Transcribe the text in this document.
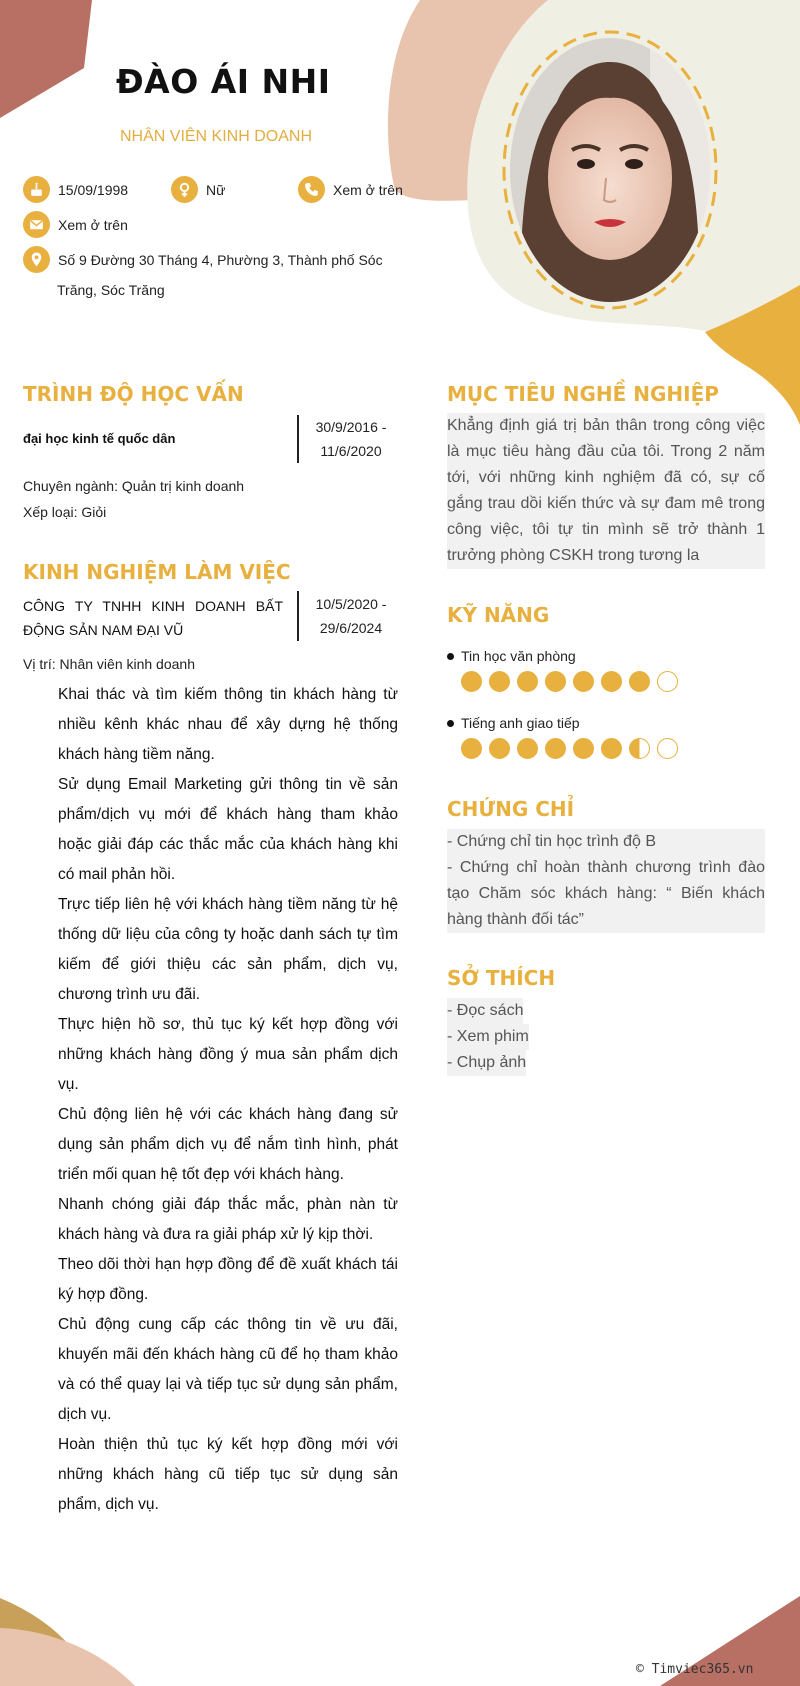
ĐÀO ÁI NHI
NHÂN VIÊN KINH DOANH
15/09/1998	Nữ	Xem ở trên
Xem ở trên
Số 9 Đường 30 Tháng 4, Phường 3, Thành phố Sóc
Trăng, Sóc Trăng
TRÌNH ĐỘ HỌC VẤN
đại học kinh tế quốc dân
30/9/2016 -
11/6/2020
Chuyên ngành: Quản trị kinh doanh
Xếp loại: Giỏi
KINH NGHIỆM LÀM VIỆC
CÔNG TY TNHH KINH DOANH BẤT
ĐỘNG SẢN NAM ĐẠI VŨ
10/5/2020 -
29/6/2024
Vị trí: Nhân viên kinh doanh

Khai thác và tìm kiếm thông tin khách hàng từ nhiều kênh khác nhau để xây dựng hệ thống khách hàng tiềm năng.

Sử dụng Email Marketing gửi thông tin về sản phẩm/dịch vụ mới để khách hàng tham khảo hoặc giải đáp các thắc mắc của khách hàng khi có mail phản hồi.

Trực tiếp liên hệ với khách hàng tiềm năng từ hệ thống dữ liệu của công ty hoặc danh sách tự tìm kiếm để giới thiệu các sản phẩm, dịch vụ, chương trình ưu đãi.

Thực hiện hồ sơ, thủ tục ký kết hợp đồng với những khách hàng đồng ý mua sản phẩm dịch vụ.

Chủ động liên hệ với các khách hàng đang sử dụng sản phẩm dịch vụ để nắm tình hình, phát triển mối quan hệ tốt đẹp với khách hàng.

Nhanh chóng giải đáp thắc mắc, phàn nàn từ khách hàng và đưa ra giải pháp xử lý kịp thời.

Theo dõi thời hạn hợp đồng để đề xuất khách tái ký hợp đồng.

Chủ động cung cấp các thông tin về ưu đãi, khuyến mãi đến khách hàng cũ để họ tham khảo và có thể quay lại và tiếp tục sử dụng sản phẩm, dịch vụ.

Hoàn thiện thủ tục ký kết hợp đồng mới với những khách hàng cũ tiếp tục sử dụng sản phẩm, dịch vụ.

MỤC TIÊU NGHỀ NGHIỆP
Khẳng định giá trị bản thân trong công việc là mục tiêu hàng đầu của tôi. Trong 2 năm tới, với những kinh nghiệm đã có, sự cố gắng trau dồi kiến thức và sự đam mê trong công việc, tôi tự tin mình sẽ trở thành 1 trưởng phòng CSKH trong tương la
KỸ NĂNG
Tin học văn phòng
Tiếng anh giao tiếp
CHỨNG CHỈ
- Chứng chỉ tin học trình độ B
- Chứng chỉ hoàn thành chương trình đào tạo Chăm sóc khách hàng: “ Biến khách hàng thành đối tác”
SỞ THÍCH
- Đọc sách
- Xem phim
- Chụp ảnh
© Timviec365.vn
